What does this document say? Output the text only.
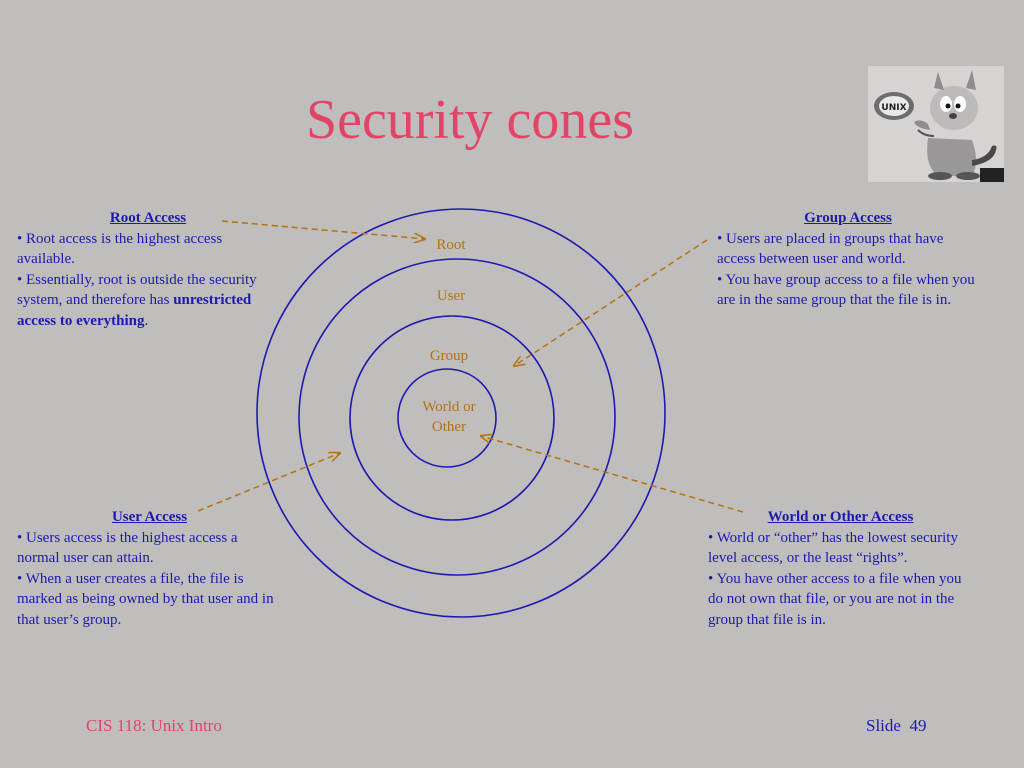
Security cones	UNIX
Root
User
Group
World or
Other
Root Access
• Root access is the highest access available.
• Essentially, root is outside the security system, and therefore has unrestricted access to everything.
Group Access
• Users are placed in groups that have access between user and world.
• You have group access to a file when you are in the same group that the file is in.
User Access
• Users access is the highest access a normal user can attain.
• When a user creates a file, the file is marked as being owned by that user and in that user’s group.
World or Other Access
• World or “other” has the lowest security level access, or the least “rights”.
• You have other access to a file when you do not own that file, or you are not in the group that file is in.
CIS 118: Unix Intro	Slide 49
